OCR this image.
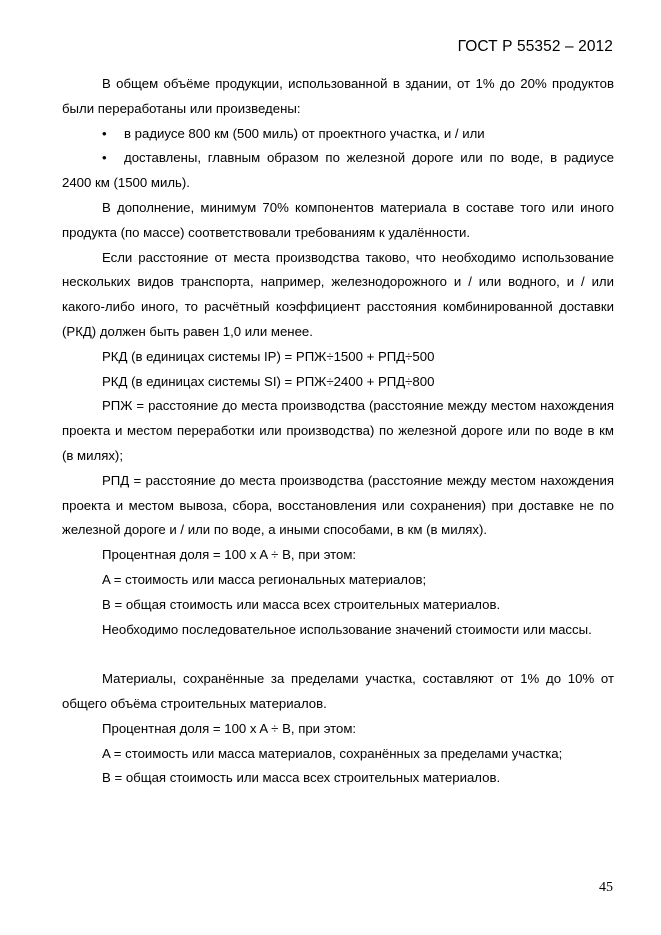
ГОСТ Р 55352 – 2012

В общем объёме продукции, использованной в здании, от 1% до 20% продуктов были переработаны или произведены:

•	в радиусе 800 км (500 миль) от проектного участка, и / или
• доставлены, главным образом по железной дороге или по воде, в радиусе 2400 км (1500 миль).

В дополнение, минимум 70% компонентов материала в составе того или иного продукта (по массе) соответствовали требованиям к удалённости.

Если расстояние от места производства таково, что необходимо использование нескольких видов транспорта, например, железнодорожного и / или водного, и / или какого-либо иного, то расчётный коэффициент расстояния комбинированной доставки (РКД) должен быть равен 1,0 или менее.

РКД (в единицах системы IP) = РПЖ÷1500 + РПД÷500

РКД (в единицах системы SI) = РПЖ÷2400 + РПД÷800

РПЖ = расстояние до места производства (расстояние между местом нахождения проекта и местом переработки или производства) по железной дороге или по воде в км (в милях);

РПД = расстояние до места производства (расстояние между местом нахождения проекта и местом вывоза, сбора, восстановления или сохранения) при доставке не по железной дороге и / или по воде, а иными способами, в км (в милях).

Процентная доля = 100 x A ÷ B, при этом:

A = стоимость или масса региональных материалов;

B = общая стоимость или масса всех строительных материалов.

Необходимо последовательное использование значений стоимости или массы.

Материалы, сохранённые за пределами участка, составляют от 1% до 10% от общего объёма строительных материалов.

Процентная доля = 100 x A ÷ B, при этом:

A = стоимость или масса материалов, сохранённых за пределами участка;

B = общая стоимость или масса всех строительных материалов.

45
